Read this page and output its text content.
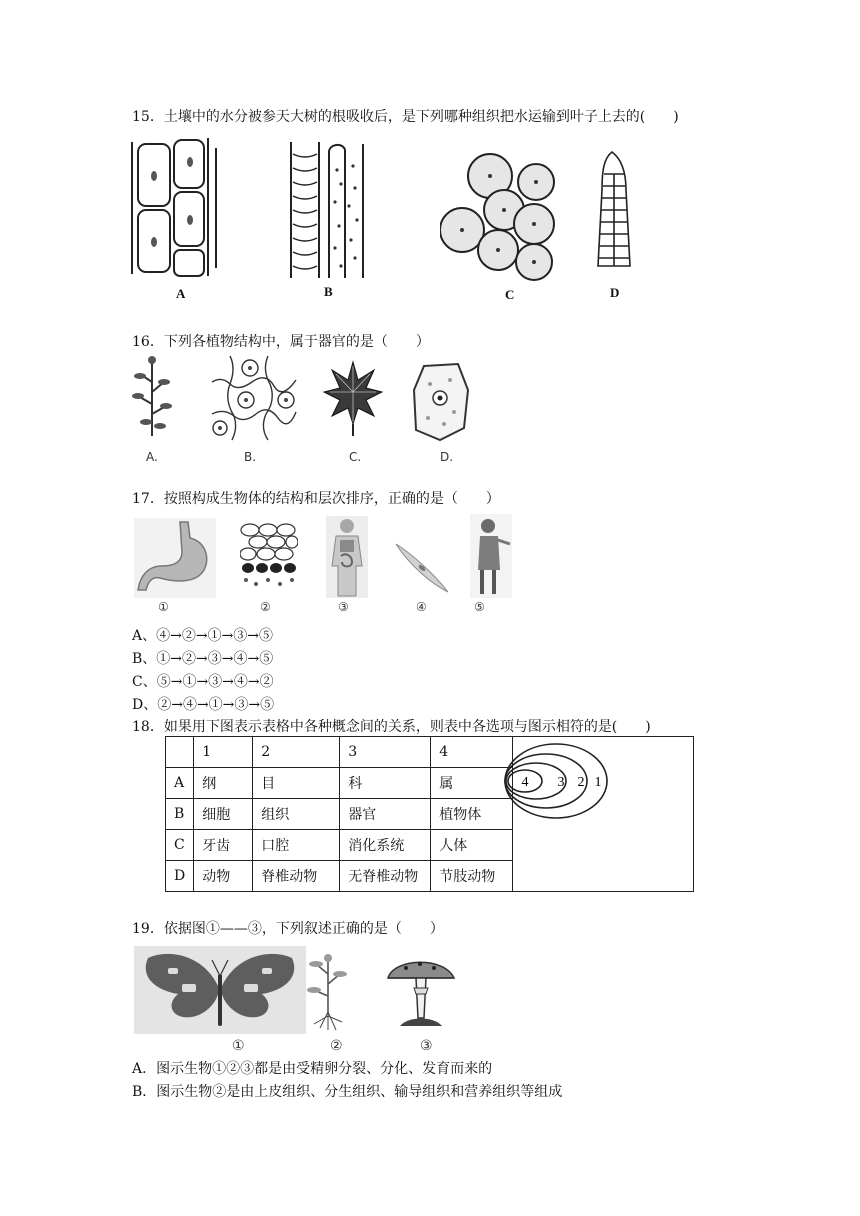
15．土壤中的水分被参天大树的根吸收后，是下列哪种组织把水运输到叶子上去的(　　)
A	B	C	D
16．下列各植物结构中，属于器官的是（　　）
A.	B.	C.	D.
17．按照构成生物体的结构和层次排序，正确的是（　　）
①	②	③	④	⑤
A、④→②→①→③→⑤
B、①→②→③→④→⑤
C、⑤→①→③→④→②
D、②→④→①→③→⑤
18．如果用下图表示表格中各种概念间的关系，则表中各选项与图示相符的是(　　)
	1	2	3	4
A	纲	目	科	属
B	细胞	组织	器官	植物体
C	牙齿	口腔	消化系统	人体
D	动物	脊椎动物	无脊椎动物	节肢动物
4 3 2 1
19．依据图①——③，下列叙述正确的是（　　）
①	②	③
A．图示生物①②③都是由受精卵分裂、分化、发育而来的
B．图示生物②是由上皮组织、分生组织、输导组织和营养组织等组成
